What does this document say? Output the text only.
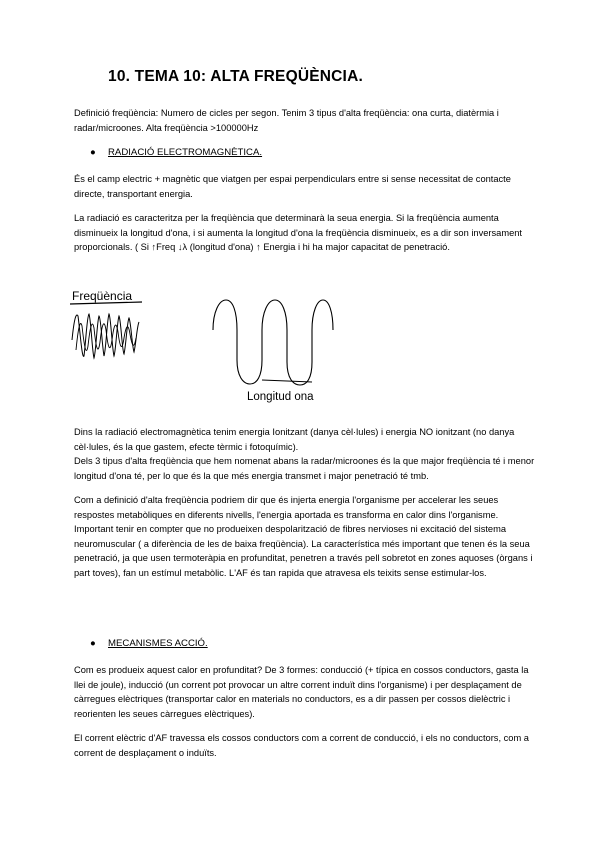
10. TEMA 10: ALTA FREQÜÈNCIA.

Definició freqüència: Numero de cicles per segon. Tenim 3 tipus d'alta freqüència: ona curta, diatèrmia i radar/microones. Alta freqüència >100000Hz

● RADIACIÓ ELECTROMAGNÈTICA.

És el camp electric + magnètic que viatgen per espai perpendiculars entre si sense necessitat de contacte directe, transportant energia.

La radiació es caracteritza per la freqüència que determinarà la seua energia. Si la freqüència aumenta disminueix la longitud d'ona, i si aumenta la longitud d'ona la freqüència disminueix, es a dir son inversament proporcionals. ( Si ↑Freq ↓λ (longitud d'ona) ↑ Energia i hi ha major capacitat de penetració.

Freqüència
Longitud ona

Dins la radiació electromagnètica tenim energia Ionitzant (danya cèl·lules) i energia NO ionitzant (no danya cèl·lules, és la que gastem, efecte tèrmic i fotoquímic).

Dels 3 tipus d'alta freqüència que hem nomenat abans la radar/microones és la que major freqüència té i menor longitud d'ona té, per lo que és la que més energia transmet i major penetració té tmb.

Com a definició d'alta freqüència podriem dir que és injerta energia l'organisme per accelerar les seues respostes metabòliques en diferents nivells, l'energia aportada es transforma en calor dins l'organisme. Important tenir en compter que no produeixen despolarització de fibres nervioses ni excitació del sistema neuromuscular ( a diferència de les de baixa freqüència). La característica més important que tenen és la seua penetració, ja que usen termoteràpia en profunditat, penetren a través pell sobretot en zones aquoses (òrgans i part toves), fan un estímul metabòlic. L'AF és tan rapida que atravesa els teixits sense estimular-los.

● MECANISMES ACCIÓ.

Com es produeix aquest calor en profunditat? De 3 formes: conducció (+ típica en cossos conductors, gasta la llei de joule), inducció (un corrent pot provocar un altre corrent induït dins l'organisme) i per desplaçament de càrregues elèctriques (transportar calor en materials no conductors, es a dir passen per cossos dielèctric i reorienten les seues càrregues elèctriques).

El corrent elèctric d'AF travessa els cossos conductors com a corrent de conducció, i els no conductors, com a corrent de desplaçament o induïts.
